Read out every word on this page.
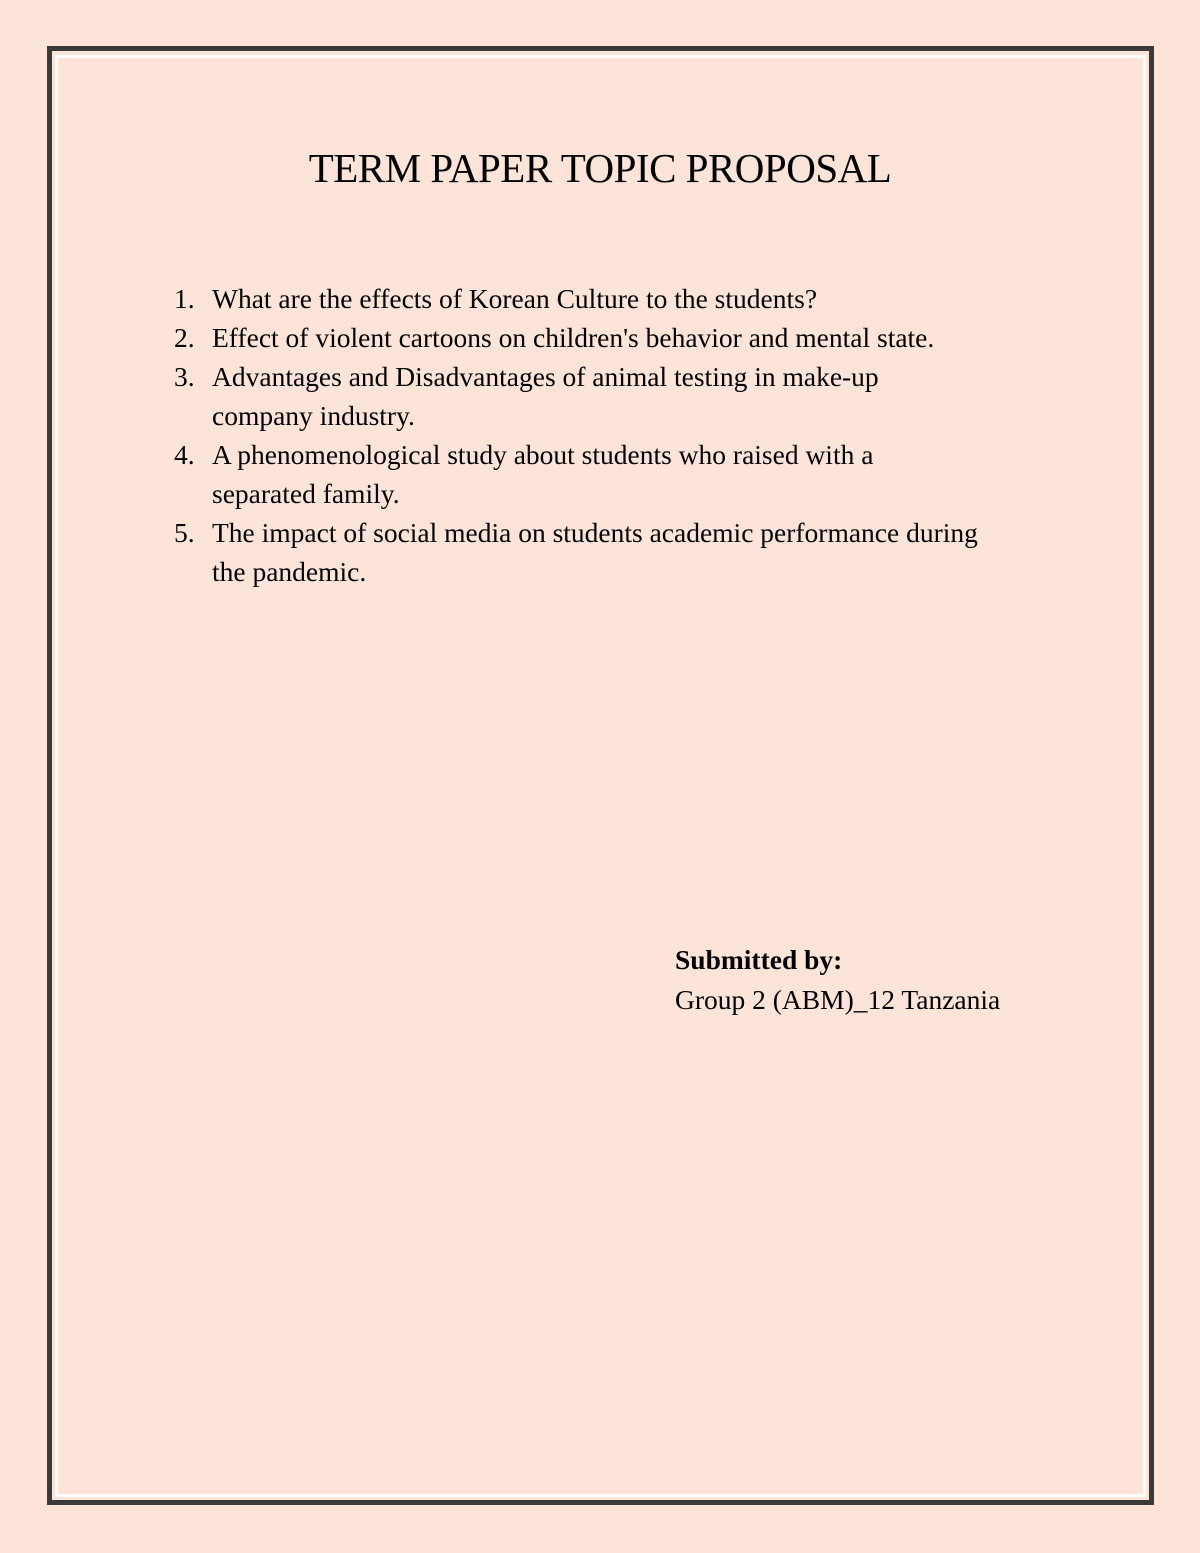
TERM PAPER TOPIC PROPOSAL
1. What are the effects of Korean Culture to the students?
2. Effect of violent cartoons on children's behavior and mental state.
3. Advantages and Disadvantages of animal testing in make-up company industry.
4. A phenomenological study about students who raised with a separated family.
5. The impact of social media on students academic performance during the pandemic.
Submitted by:
Group 2 (ABM)_12 Tanzania
